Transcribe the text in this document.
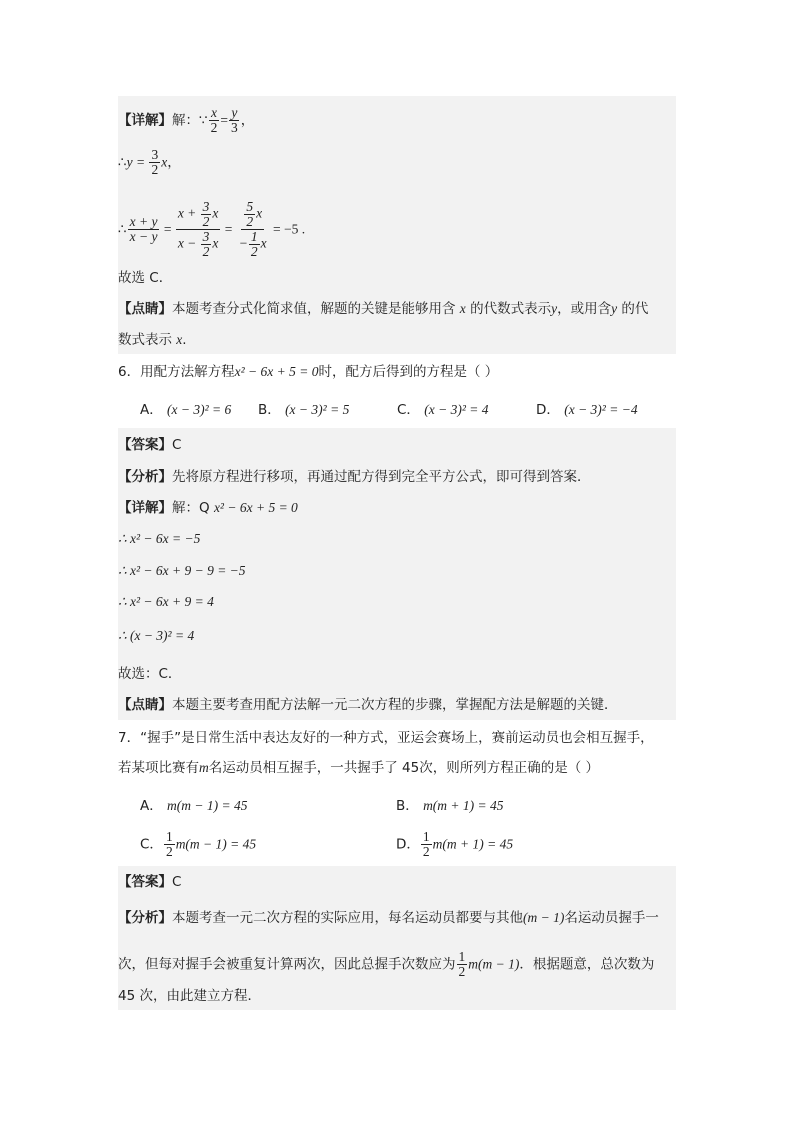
【详解】解：∵ $\frac{x}{2} = \frac{y}{3}$ ，
∴y = $\frac{3}{2}$ x，
∴ $\frac{x + y}{x - y} = \frac{x + \frac{3}{2} x}{x - \frac{3}{2} x} = \frac{\frac{5}{2} x}{- \frac{1}{2} x} = -5$ .
故选 C．
【点睛】本题考查分式化简求值，解题的关键是能够用含 x 的代数式表示y，或用含y 的代
数式表示 x.
6．用配方法解方程x² − 6x + 5 = 0时，配方后得到的方程是（ ）
A． (x − 3)² = 6 B． (x − 3)² = 5	C． (x − 3)² = 4	D． (x − 3)² = −4
【答案】C
【分析】先将原方程进行移项，再通过配方得到完全平方公式，即可得到答案．
【详解】解：Q x² − 6x + 5 = 0
∴ x² − 6x = −5
∴ x² − 6x + 9 − 9 = −5
∴ x² − 6x + 9 = 4
∴ (x − 3)² = 4
故选：C．
【点睛】本题主要考查用配方法解一元二次方程的步骤，掌握配方法是解题的关键．
7．“握手”是日常生活中表达友好的一种方式，亚运会赛场上，赛前运动员也会相互握手，
若某项比赛有m名运动员相互握手，一共握手了 45次，则所列方程正确的是（ ）
A． m(m − 1) = 45	B． m(m + 1) = 45
C． $\frac{1}{2} m(m - 1) = 45$	D． $\frac{1}{2} m(m + 1) = 45$
【答案】C
【分析】本题考查一元二次方程的实际应用，每名运动员都要与其他(m − 1)名运动员握手一
次，但每对握手会被重复计算两次，因此总握手次数应为 $\frac{1}{2} m(m - 1)$．根据题意，总次数为
45 次，由此建立方程．
